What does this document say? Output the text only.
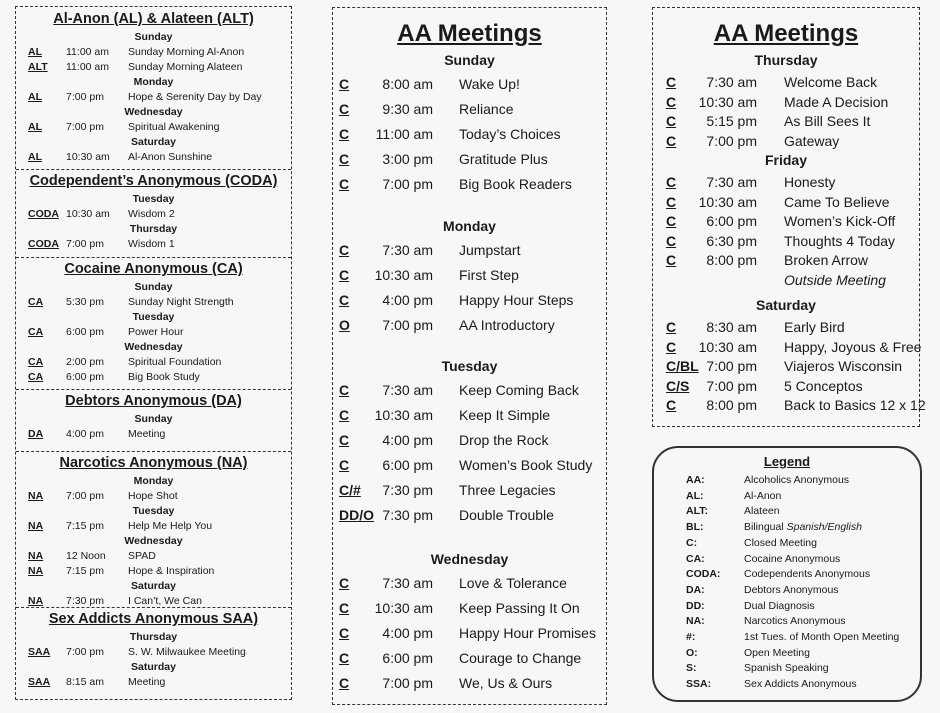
Al-Anon (AL) & Alateen (ALT)
Sunday
AL 11:00 am Sunday Morning Al-Anon
ALT 11:00 am Sunday Morning Alateen
Monday
AL 7:00 pm Hope & Serenity Day by Day
Wednesday
AL 7:00 pm Spiritual Awakening
Saturday
AL 10:30 am Al-Anon Sunshine
Codependent’s Anonymous (CODA)
Tuesday
CODA 10:30 am Wisdom 2
Thursday
CODA 7:00 pm Wisdom 1
Cocaine Anonymous (CA)
Sunday
CA 5:30 pm Sunday Night Strength
Tuesday
CA 6:00 pm Power Hour
Wednesday
CA 2:00 pm Spiritual Foundation
CA 6:00 pm Big Book Study
Debtors Anonymous (DA)
Sunday
DA 4:00 pm Meeting
Narcotics Anonymous (NA)
Monday
NA 7:00 pm Hope Shot
Tuesday
NA 7:15 pm Help Me Help You
Wednesday
NA 12 Noon SPAD
NA 7:15 pm Hope & Inspiration
Saturday
NA 7:30 pm I Can’t, We Can
Sex Addicts Anonymous SAA)
Thursday
SAA 7:00 pm S. W. Milwaukee Meeting
Saturday
SAA 8:15 am Meeting
AA Meetings
Sunday
C 8:00 am Wake Up!
C 9:30 am Reliance
C 11:00 am Today’s Choices
C 3:00 pm Gratitude Plus
C 7:00 pm Big Book Readers
Monday
C 7:30 am Jumpstart
C 10:30 am First Step
C 4:00 pm Happy Hour Steps
O 7:00 pm AA Introductory
Tuesday
C 7:30 am Keep Coming Back
C 10:30 am Keep It Simple
C 4:00 pm Drop the Rock
C 6:00 pm Women’s Book Study
C/# 7:30 pm Three Legacies
DD/O 7:30 pm Double Trouble
Wednesday
C 7:30 am Love & Tolerance
C 10:30 am Keep Passing It On
C 4:00 pm Happy Hour Promises
C 6:00 pm Courage to Change
C 7:00 pm We, Us & Ours
AA Meetings
Thursday
C 7:30 am Welcome Back
C 10:30 am Made A Decision
C 5:15 pm As Bill Sees It
C 7:00 pm Gateway
Friday
C 7:30 am Honesty
C 10:30 am Came To Believe
C 6:00 pm Women’s Kick-Off
C 6:30 pm Thoughts 4 Today
C 8:00 pm Broken Arrow
Outside Meeting
Saturday
C 8:30 am Early Bird
C 10:30 am Happy, Joyous & Free
C/BL 7:00 pm Viajeros Wisconsin
C/S 7:00 pm 5 Conceptos
C 8:00 pm Back to Basics 12 x 12
Legend
AA:	Alcoholics Anonymous
AL:	Al-Anon
ALT:	Alateen
BL:	Bilingual Spanish/English
C:	Closed Meeting
CA:	Cocaine Anonymous
CODA: Codependents Anonymous
DA:	Debtors Anonymous
DD:	Dual Diagnosis
NA:	Narcotics Anonymous
#:	1st Tues. of Month Open Meeting
O:	Open Meeting
S:	Spanish Speaking
SSA:	Sex Addicts Anonymous
